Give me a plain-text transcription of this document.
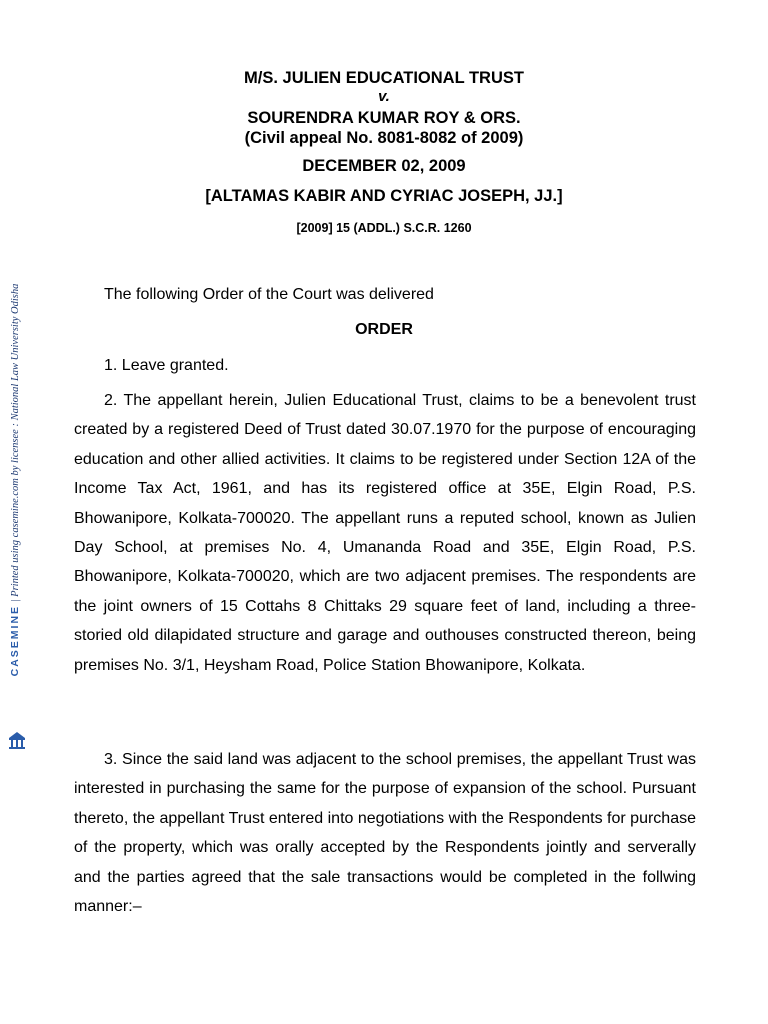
M/S. JULIEN EDUCATIONAL TRUST
v.
SOURENDRA KUMAR ROY & ORS.
(Civil appeal No. 8081-8082 of 2009)
DECEMBER 02, 2009
[ALTAMAS KABIR AND CYRIAC JOSEPH, JJ.]
[2009] 15 (ADDL.) S.C.R. 1260
The following Order of the Court was delivered
ORDER
1. Leave granted.

2. The appellant herein, Julien Educational Trust, claims to be a benevolent trust created by a registered Deed of Trust dated 30.07.1970 for the purpose of encouraging education and other allied activities. It claims to be registered under Section 12A of the Income Tax Act, 1961, and has its registered office at 35E, Elgin Road, P.S. Bhowanipore, Kolkata-700020. The appellant runs a reputed school, known as Julien Day School, at premises No. 4, Umananda Road and 35E, Elgin Road, P.S. Bhowanipore, Kolkata-700020, which are two adjacent premises. The respondents are the joint owners of 15 Cottahs 8 Chittaks 29 square feet of land, including a three-storied old dilapidated structure and garage and outhouses constructed thereon, being premises No. 3/1, Heysham Road, Police Station Bhowanipore, Kolkata.

3. Since the said land was adjacent to the school premises, the appellant Trust was interested in purchasing the same for the purpose of expansion of the school. Pursuant thereto, the appellant Trust entered into negotiations with the Respondents for purchase of the property, which was orally accepted by the Respondents jointly and serverally and the parties agreed that the sale transactions would be completed in the follwing manner:–

CASEMINE | Printed using casemine.com by licensee : National Law University Odisha
